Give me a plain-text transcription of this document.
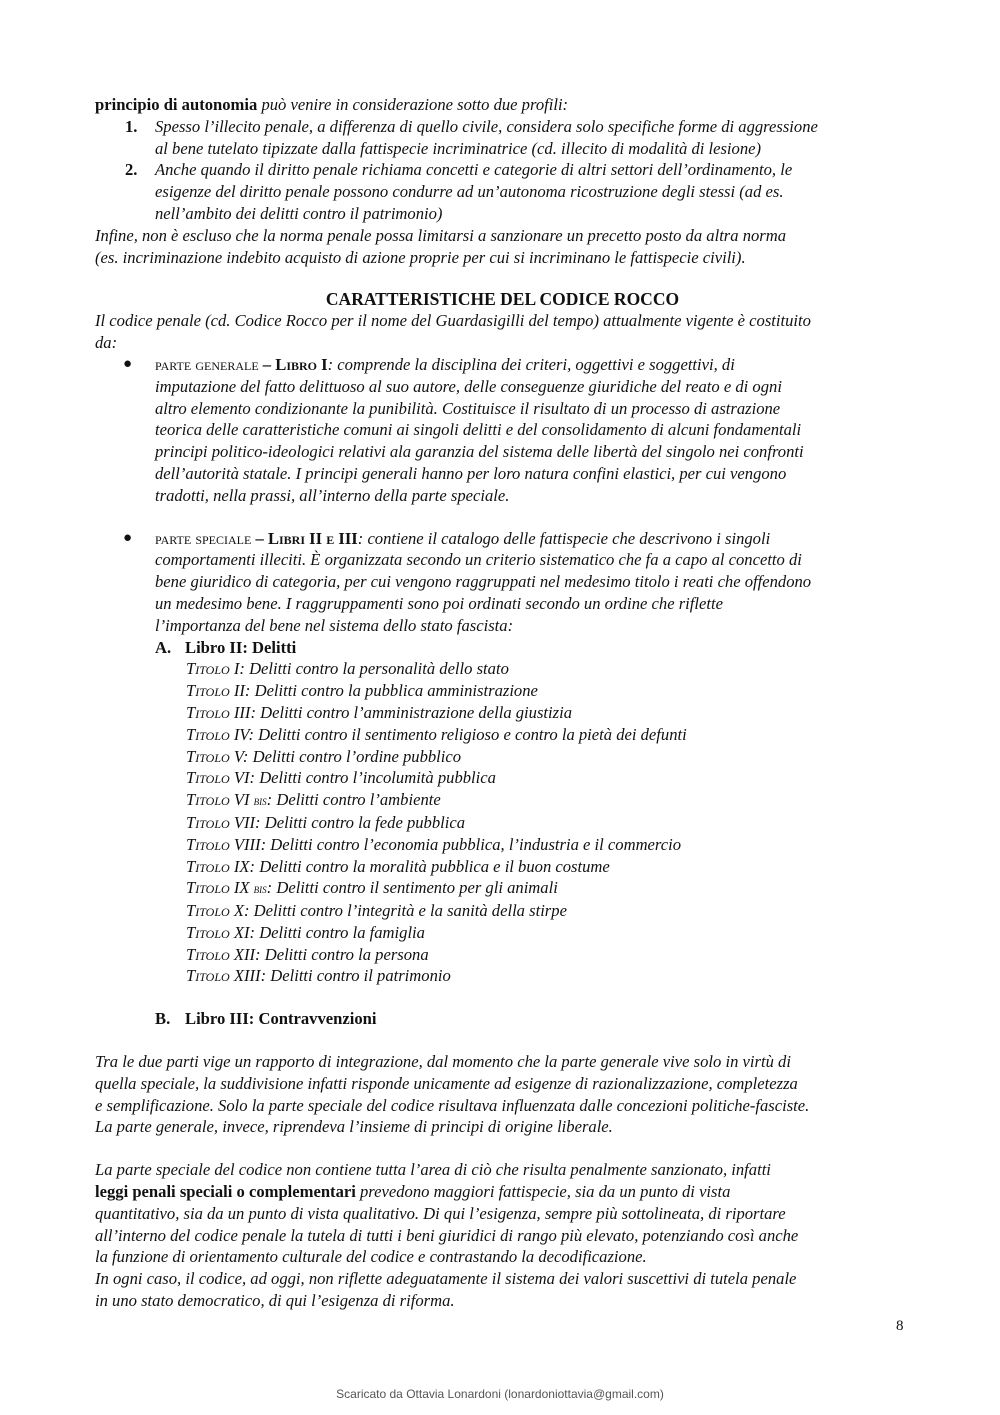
principio di autonomia può venire in considerazione sotto due profili:
1. Spesso l’illecito penale, a differenza di quello civile, considera solo specifiche forme di aggressione
al bene tutelato tipizzate dalla fattispecie incriminatrice (cd. illecito di modalità di lesione)
2. Anche quando il diritto penale richiama concetti e categorie di altri settori dell’ordinamento, le
esigenze del diritto penale possono condurre ad un’autonoma ricostruzione degli stessi (ad es.
nell’ambito dei delitti contro il patrimonio)
Infine, non è escluso che la norma penale possa limitarsi a sanzionare un precetto posto da altra norma
(es. incriminazione indebito acquisto di azione proprie per cui si incriminano le fattispecie civili).
CARATTERISTICHE DEL CODICE ROCCO
Il codice penale (cd. Codice Rocco per il nome del Guardasigilli del tempo) attualmente vigente è costituito
da:
● parte generale – Libro I: comprende la disciplina dei criteri, oggettivi e soggettivi, di
imputazione del fatto delittuoso al suo autore, delle conseguenze giuridiche del reato e di ogni
altro elemento condizionante la punibilità. Costituisce il risultato di un processo di astrazione
teorica delle caratteristiche comuni ai singoli delitti e del consolidamento di alcuni fondamentali
principi politico-ideologici relativi ala garanzia del sistema delle libertà del singolo nei confronti
dell’autorità statale. I principi generali hanno per loro natura confini elastici, per cui vengono
tradotti, nella prassi, all’interno della parte speciale.
● parte speciale – Libri II e III: contiene il catalogo delle fattispecie che descrivono i singoli
comportamenti illeciti. È organizzata secondo un criterio sistematico che fa a capo al concetto di
bene giuridico di categoria, per cui vengono raggruppati nel medesimo titolo i reati che offendono
un medesimo bene. I raggruppamenti sono poi ordinati secondo un ordine che riflette
l’importanza del bene nel sistema dello stato fascista:
A. Libro II: Delitti
Titolo I: Delitti contro la personalità dello stato
Titolo II: Delitti contro la pubblica amministrazione
Titolo III: Delitti contro l’amministrazione della giustizia
Titolo IV: Delitti contro il sentimento religioso e contro la pietà dei defunti
Titolo V: Delitti contro l’ordine pubblico
Titolo VI: Delitti contro l’incolumità pubblica
Titolo VI bis: Delitti contro l’ambiente
Titolo VII: Delitti contro la fede pubblica
Titolo VIII: Delitti contro l’economia pubblica, l’industria e il commercio
Titolo IX: Delitti contro la moralità pubblica e il buon costume
Titolo IX bis: Delitti contro il sentimento per gli animali
Titolo X: Delitti contro l’integrità e la sanità della stirpe
Titolo XI: Delitti contro la famiglia
Titolo XII: Delitti contro la persona
Titolo XIII: Delitti contro il patrimonio
B. Libro III: Contravvenzioni
Tra le due parti vige un rapporto di integrazione, dal momento che la parte generale vive solo in virtù di
quella speciale, la suddivisione infatti risponde unicamente ad esigenze di razionalizzazione, completezza
e semplificazione. Solo la parte speciale del codice risultava influenzata dalle concezioni politiche-fasciste.
La parte generale, invece, riprendeva l’insieme di principi di origine liberale.
La parte speciale del codice non contiene tutta l’area di ciò che risulta penalmente sanzionato, infatti
leggi penali speciali o complementari prevedono maggiori fattispecie, sia da un punto di vista
quantitativo, sia da un punto di vista qualitativo. Di qui l’esigenza, sempre più sottolineata, di riportare
all’interno del codice penale la tutela di tutti i beni giuridici di rango più elevato, potenziando così anche
la funzione di orientamento culturale del codice e contrastando la decodificazione.
In ogni caso, il codice, ad oggi, non riflette adeguatamente il sistema dei valori suscettivi di tutela penale
in uno stato democratico, di qui l’esigenza di riforma.
8
Scaricato da Ottavia Lonardoni (lonardoniottavia@gmail.com)
